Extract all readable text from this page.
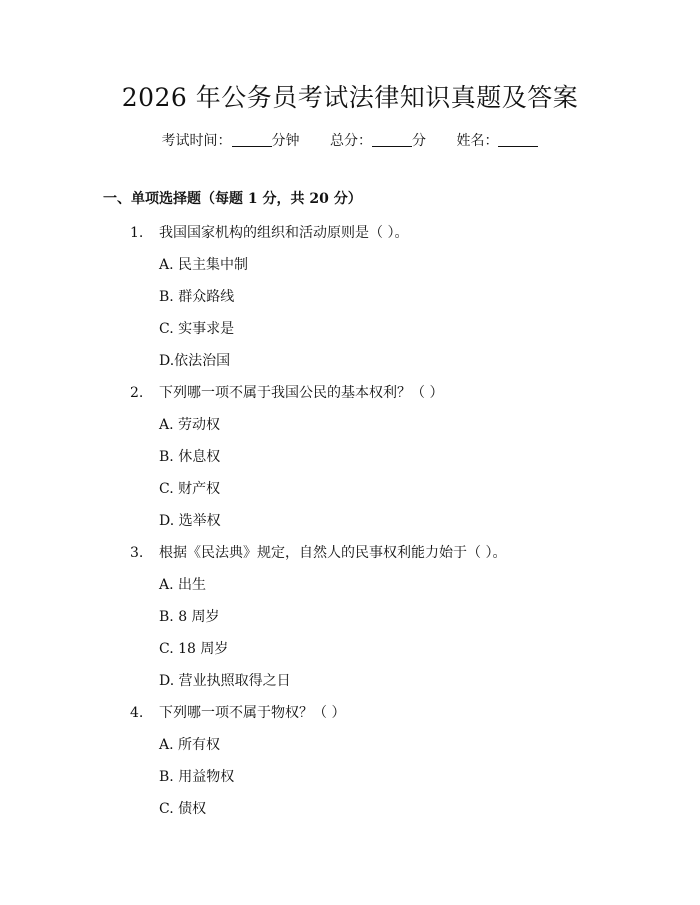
2026 年公务员考试法律知识真题及答案
考试时间：	分钟 总分：	分 姓名：
一、单项选择题（每题 1 分，共 20 分）
1. 我国国家机构的组织和活动原则是（ ）。
A. 民主集中制
B. 群众路线
C. 实事求是
D.依法治国
2. 下列哪一项不属于我国公民的基本权利？（ ）
A. 劳动权
B. 休息权
C. 财产权
D. 选举权
3. 根据《民法典》规定，自然人的民事权利能力始于（ ）。
A. 出生
B. 8 周岁
C. 18 周岁
D. 营业执照取得之日
4. 下列哪一项不属于物权？（ ）
A. 所有权
B. 用益物权
C. 债权
